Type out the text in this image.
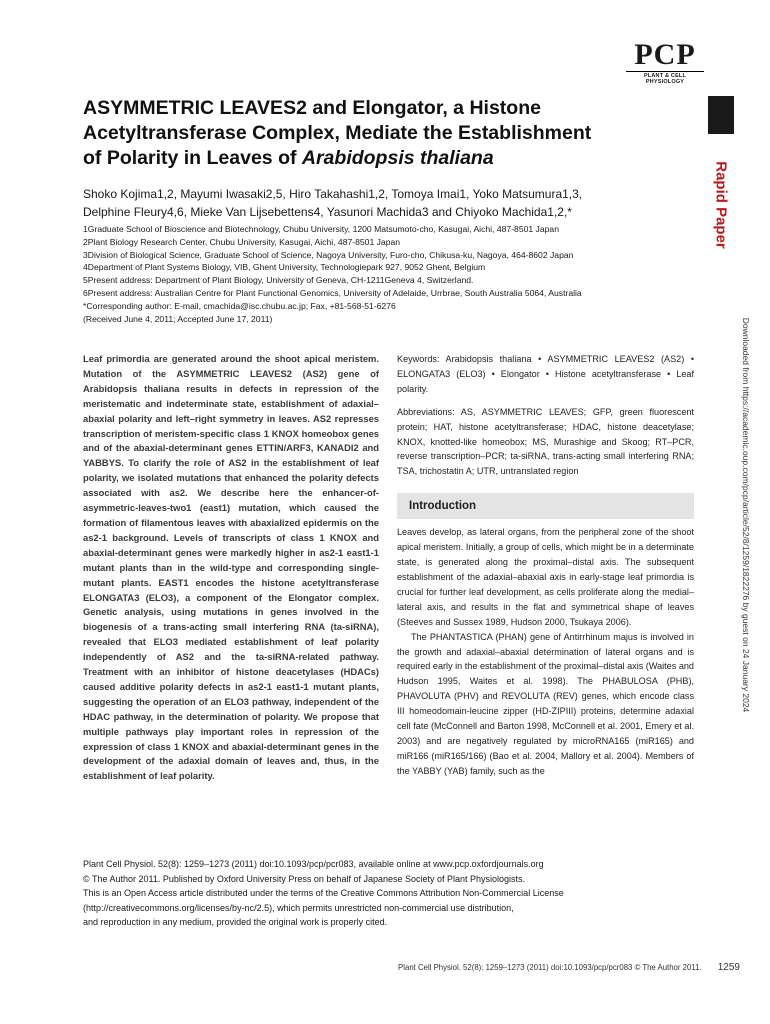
PCP
PLANT & CELL PHYSIOLOGY
ASYMMETRIC LEAVES2 and Elongator, a Histone
Acetyltransferase Complex, Mediate the Establishment
of Polarity in Leaves of Arabidopsis thaliana
Rapid Paper
Downloaded from https://academic.oup.com/pcp/article/52/8/1259/1822276 by guest on 24 January 2024
Shoko Kojima1,2, Mayumi Iwasaki2,5, Hiro Takahashi1,2, Tomoya Imai1, Yoko Matsumura1,3,
Delphine Fleury4,6, Mieke Van Lijsebettens4, Yasunori Machida3 and Chiyoko Machida1,2,*
1Graduate School of Bioscience and Biotechnology, Chubu University, 1200 Matsumoto-cho, Kasugai, Aichi, 487-8501 Japan
2Plant Biology Research Center, Chubu University, Kasugai, Aichi, 487-8501 Japan
3Division of Biological Science, Graduate School of Science, Nagoya University, Furo-cho, Chikusa-ku, Nagoya, 464-8602 Japan
4Department of Plant Systems Biology, VIB, Ghent University, Technologiepark 927, 9052 Ghent, Belgium
5Present address: Department of Plant Biology, University of Geneva, CH-1211Geneva 4, Switzerland.
6Present address: Australian Centre for Plant Functional Genomics, University of Adelaide, Urrbrae, South Australia 5064, Australia
*Corresponding author: E-mail, cmachida@isc.chubu.ac.jp; Fax, +81-568-51-6276
(Received June 4, 2011; Accepted June 17, 2011)

Leaf primordia are generated around the shoot apical meristem. Mutation of the ASYMMETRIC LEAVES2 (AS2) gene of Arabidopsis thaliana results in defects in repression of the meristematic and indeterminate state, establishment of adaxial–abaxial polarity and left–right symmetry in leaves. AS2 represses transcription of meristem-specific class 1 KNOX homeobox genes and of the abaxial-determinant genes ETTIN/ARF3, KANADI2 and YABBYS. To clarify the role of AS2 in the establishment of leaf polarity, we isolated mutations that enhanced the polarity defects associated with as2. We describe here the enhancer-of-asymmetric-leaves-two1 (east1) mutation, which caused the formation of filamentous leaves with abaxialized epidermis on the as2-1 background. Levels of transcripts of class 1 KNOX and abaxial-determinant genes were markedly higher in as2-1 east1-1 mutant plants than in the wild-type and corresponding single-mutant plants. EAST1 encodes the histone acetyltransferase ELONGATA3 (ELO3), a component of the Elongator complex. Genetic analysis, using mutations in genes involved in the biogenesis of a trans-acting small interfering RNA (ta-siRNA), revealed that ELO3 mediated establishment of leaf polarity independently of AS2 and the ta-siRNA-related pathway. Treatment with an inhibitor of histone deacetylases (HDACs) caused additive polarity defects in as2-1 east1-1 mutant plants, suggesting the operation of an ELO3 pathway, independent of the HDAC pathway, in the determination of polarity. We propose that multiple pathways play important roles in repression of the expression of class 1 KNOX and abaxial-determinant genes in the development of the adaxial domain of leaves and, thus, in the establishment of leaf polarity.

Keywords: Arabidopsis thaliana • ASYMMETRIC LEAVES2 (AS2) • ELONGATA3 (ELO3) • Elongator • Histone acetyltransferase • Leaf polarity.

Abbreviations: AS, ASYMMETRIC LEAVES; GFP, green fluorescent protein; HAT, histone acetyltransferase; HDAC, histone deacetylase; KNOX, knotted-like homeobox; MS, Murashige and Skoog; RT–PCR, reverse transcription–PCR; ta-siRNA, trans-acting small interfering RNA; TSA, trichostatin A; UTR, untranslated region

Introduction

Leaves develop, as lateral organs, from the peripheral zone of the shoot apical meristem. Initially, a group of cells, which might be in a determinate state, is generated along the proximal–distal axis. The subsequent establishment of the adaxial–abaxial axis in early-stage leaf primordia is crucial for further leaf development, as cells proliferate along the medial–lateral axis, and results in the flat and symmetrical shape of leaves (Steeves and Sussex 1989, Hudson 2000, Tsukaya 2006).

The PHANTASTICA (PHAN) gene of Antirrhinum majus is involved in the growth and adaxial–abaxial determination of lateral organs and is required early in the establishment of the proximal–distal axis (Waites and Hudson 1995, Waites et al. 1998). The PHABULOSA (PHB), PHAVOLUTA (PHV) and REVOLUTA (REV) genes, which encode class III homeodomain-leucine zipper (HD-ZIPIII) proteins, determine adaxial cell fate (McConnell and Barton 1998, McConnell et al. 2001, Emery et al. 2003) and are negatively regulated by microRNA165 (miR165) and miR166 (miR165/166) (Bao et al. 2004, Mallory et al. 2004). Members of the YABBY (YAB) family, such as the

Plant Cell Physiol. 52(8): 1259–1273 (2011) doi:10.1093/pcp/pcr083, available online at www.pcp.oxfordjournals.org
© The Author 2011. Published by Oxford University Press on behalf of Japanese Society of Plant Physiologists.
This is an Open Access article distributed under the terms of the Creative Commons Attribution Non-Commercial License
(http://creativecommons.org/licenses/by-nc/2.5), which permits unrestricted non-commercial use distribution,
and reproduction in any medium, provided the original work is properly cited.
Plant Cell Physiol. 52(8): 1259–1273 (2011) doi:10.1093/pcp/pcr083 © The Author 2011. 1259
